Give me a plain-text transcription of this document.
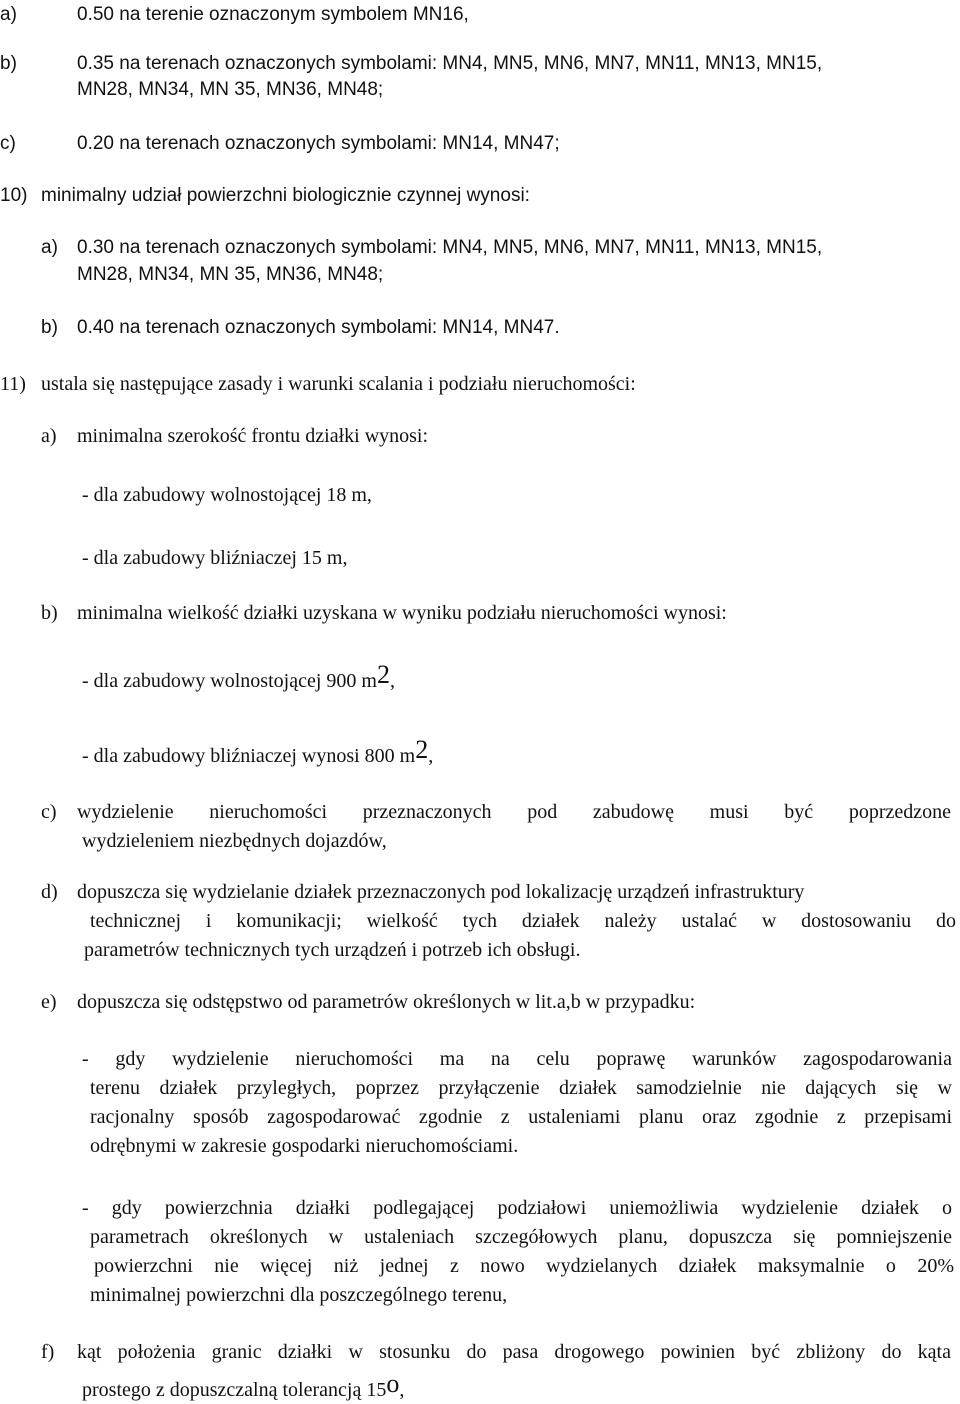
a)	0.50 na terenie oznaczonym symbolem MN16,
b)	0.35 na terenach oznaczonych symbolami: MN4, MN5, MN6, MN7, MN11, MN13, MN15,
MN28, MN34, MN 35, MN36, MN48;
c)	0.20 na terenach oznaczonych symbolami: MN14, MN47;
10) minimalny udział powierzchni biologicznie czynnej wynosi:
a) 0.30 na terenach oznaczonych symbolami: MN4, MN5, MN6, MN7, MN11, MN13, MN15,
MN28, MN34, MN 35, MN36, MN48;
b) 0.40 na terenach oznaczonych symbolami: MN14, MN47.
11) ustala się następujące zasady i warunki scalania i podziału nieruchomości:
a) minimalna szerokość frontu działki wynosi:
- dla zabudowy wolnostojącej 18 m,
- dla zabudowy bliźniaczej 15 m,
b) minimalna wielkość działki uzyskana w wyniku podziału nieruchomości wynosi:
- dla zabudowy wolnostojącej 900 $m^2$,
- dla zabudowy bliźniaczej wynosi 800 $m^2$,
c) wydzielenie nieruchomości przeznaczonych pod zabudowę musi być poprzedzone
wydzieleniem niezbędnych dojazdów,
d) dopuszcza się wydzielanie działek przeznaczonych pod lokalizację urządzeń infrastruktury
technicznej i komunikacji; wielkość tych działek należy ustalać w dostosowaniu do
parametrów technicznych tych urządzeń i potrzeb ich obsługi.
e) dopuszcza się odstępstwo od parametrów określonych w lit.a,b w przypadku:
- gdy wydzielenie nieruchomości ma na celu poprawę warunków zagospodarowania
terenu działek przyległych, poprzez przyłączenie działek samodzielnie nie dających się w
racjonalny sposób zagospodarować zgodnie z ustaleniami planu oraz zgodnie z przepisami
odrębnymi w zakresie gospodarki nieruchomościami.
- gdy powierzchnia działki podlegającej podziałowi uniemożliwia wydzielenie działek o
parametrach określonych w ustaleniach szczegółowych planu, dopuszcza się pomniejszenie
powierzchni nie więcej niż jednej z nowo wydzielanych działek maksymalnie o 20%
minimalnej powierzchni dla poszczególnego terenu,
f) kąt położenia granic działki w stosunku do pasa drogowego powinien być zbliżony do kąta
prostego z dopuszczalną tolerancją 15$^o$,
